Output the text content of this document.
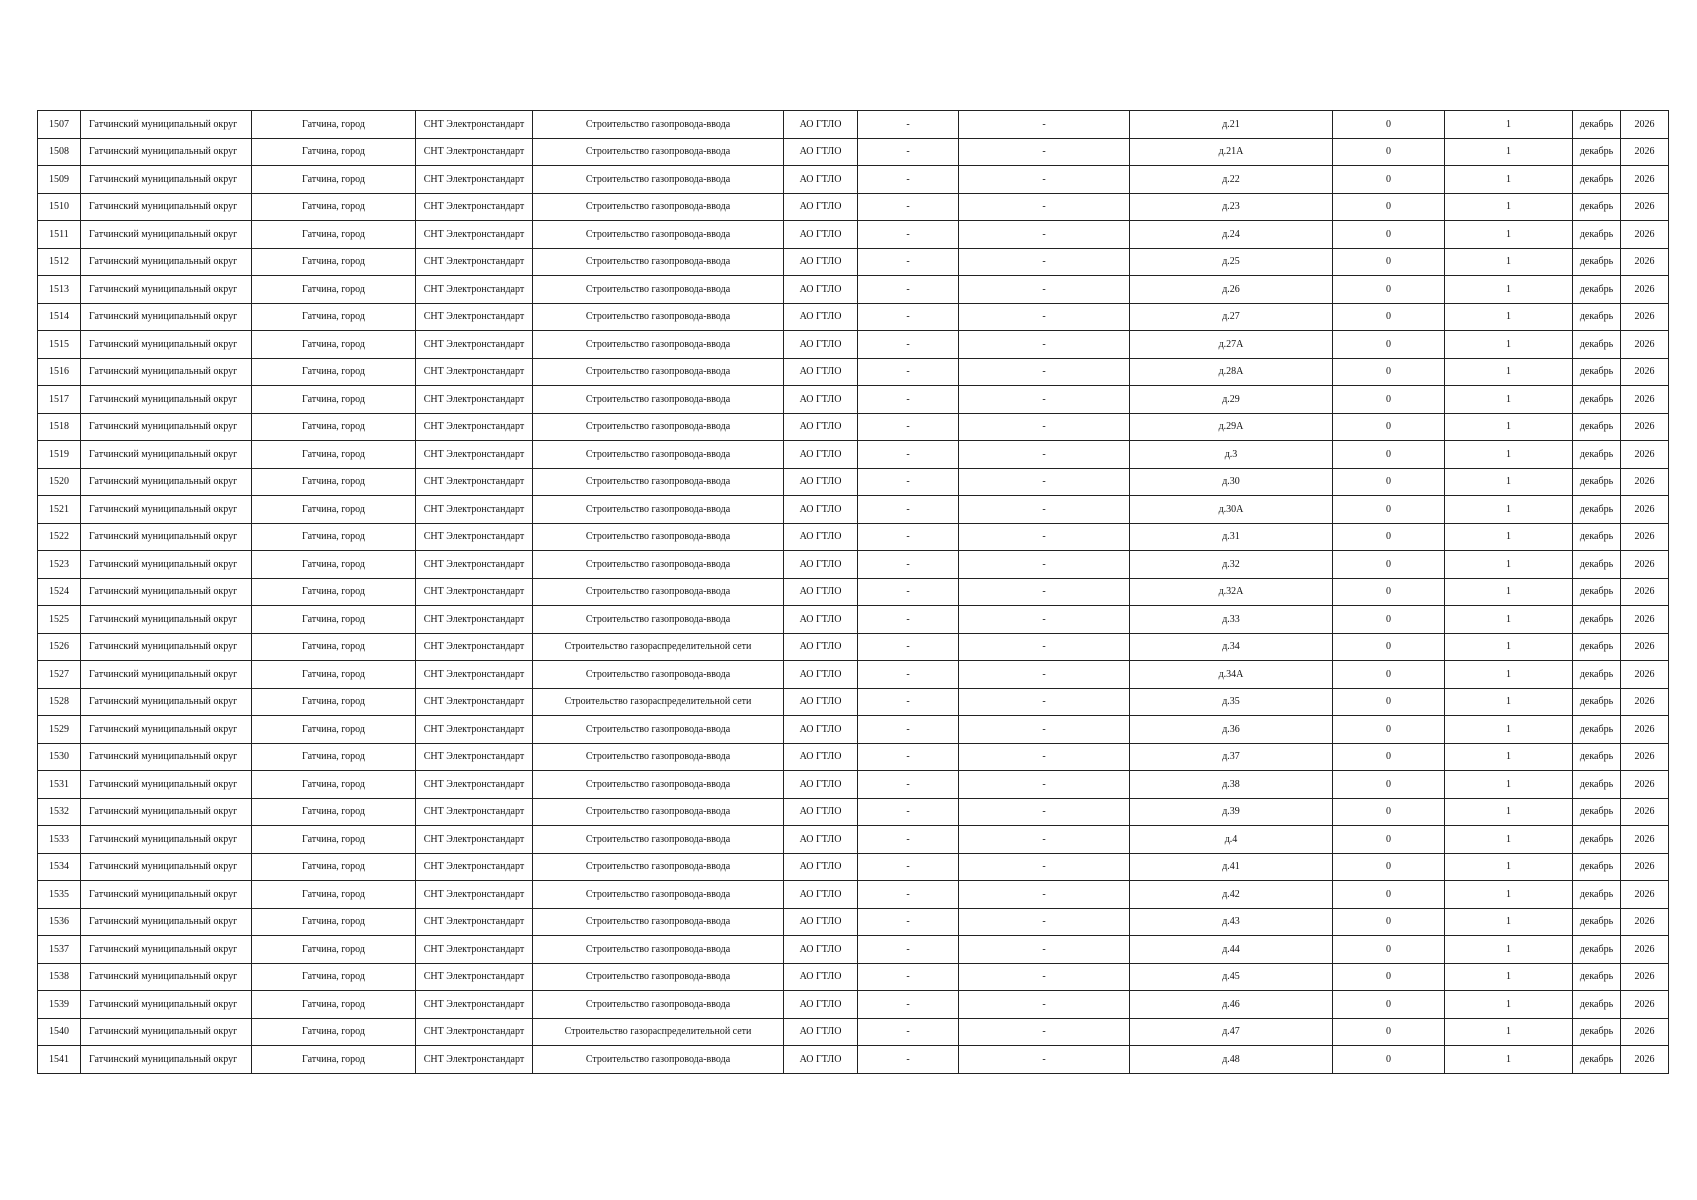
1507	Гатчинский муниципальный округ	Гатчина, город	СНТ Электронстандарт	Строительство газопровода-ввода	АО ГТЛО	-	-	д.21	0	1	декабрь	2026
1508	Гатчинский муниципальный округ	Гатчина, город	СНТ Электронстандарт	Строительство газопровода-ввода	АО ГТЛО	-	-	д.21А	0	1	декабрь	2026
1509	Гатчинский муниципальный округ	Гатчина, город	СНТ Электронстандарт	Строительство газопровода-ввода	АО ГТЛО	-	-	д.22	0	1	декабрь	2026
1510	Гатчинский муниципальный округ	Гатчина, город	СНТ Электронстандарт	Строительство газопровода-ввода	АО ГТЛО	-	-	д.23	0	1	декабрь	2026
1511	Гатчинский муниципальный округ	Гатчина, город	СНТ Электронстандарт	Строительство газопровода-ввода	АО ГТЛО	-	-	д.24	0	1	декабрь	2026
1512	Гатчинский муниципальный округ	Гатчина, город	СНТ Электронстандарт	Строительство газопровода-ввода	АО ГТЛО	-	-	д.25	0	1	декабрь	2026
1513	Гатчинский муниципальный округ	Гатчина, город	СНТ Электронстандарт	Строительство газопровода-ввода	АО ГТЛО	-	-	д.26	0	1	декабрь	2026
1514	Гатчинский муниципальный округ	Гатчина, город	СНТ Электронстандарт	Строительство газопровода-ввода	АО ГТЛО	-	-	д.27	0	1	декабрь	2026
1515	Гатчинский муниципальный округ	Гатчина, город	СНТ Электронстандарт	Строительство газопровода-ввода	АО ГТЛО	-	-	д.27А	0	1	декабрь	2026
1516	Гатчинский муниципальный округ	Гатчина, город	СНТ Электронстандарт	Строительство газопровода-ввода	АО ГТЛО	-	-	д.28А	0	1	декабрь	2026
1517	Гатчинский муниципальный округ	Гатчина, город	СНТ Электронстандарт	Строительство газопровода-ввода	АО ГТЛО	-	-	д.29	0	1	декабрь	2026
1518	Гатчинский муниципальный округ	Гатчина, город	СНТ Электронстандарт	Строительство газопровода-ввода	АО ГТЛО	-	-	д.29А	0	1	декабрь	2026
1519	Гатчинский муниципальный округ	Гатчина, город	СНТ Электронстандарт	Строительство газопровода-ввода	АО ГТЛО	-	-	д.3	0	1	декабрь	2026
1520	Гатчинский муниципальный округ	Гатчина, город	СНТ Электронстандарт	Строительство газопровода-ввода	АО ГТЛО	-	-	д.30	0	1	декабрь	2026
1521	Гатчинский муниципальный округ	Гатчина, город	СНТ Электронстандарт	Строительство газопровода-ввода	АО ГТЛО	-	-	д.30А	0	1	декабрь	2026
1522	Гатчинский муниципальный округ	Гатчина, город	СНТ Электронстандарт	Строительство газопровода-ввода	АО ГТЛО	-	-	д.31	0	1	декабрь	2026
1523	Гатчинский муниципальный округ	Гатчина, город	СНТ Электронстандарт	Строительство газопровода-ввода	АО ГТЛО	-	-	д.32	0	1	декабрь	2026
1524	Гатчинский муниципальный округ	Гатчина, город	СНТ Электронстандарт	Строительство газопровода-ввода	АО ГТЛО	-	-	д.32А	0	1	декабрь	2026
1525	Гатчинский муниципальный округ	Гатчина, город	СНТ Электронстандарт	Строительство газопровода-ввода	АО ГТЛО	-	-	д.33	0	1	декабрь	2026
1526	Гатчинский муниципальный округ	Гатчина, город	СНТ Электронстандарт	Строительство газораспределительной сети	АО ГТЛО	-	-	д.34	0	1	декабрь	2026
1527	Гатчинский муниципальный округ	Гатчина, город	СНТ Электронстандарт	Строительство газопровода-ввода	АО ГТЛО	-	-	д.34А	0	1	декабрь	2026
1528	Гатчинский муниципальный округ	Гатчина, город	СНТ Электронстандарт	Строительство газораспределительной сети	АО ГТЛО	-	-	д.35	0	1	декабрь	2026
1529	Гатчинский муниципальный округ	Гатчина, город	СНТ Электронстандарт	Строительство газопровода-ввода	АО ГТЛО	-	-	д.36	0	1	декабрь	2026
1530	Гатчинский муниципальный округ	Гатчина, город	СНТ Электронстандарт	Строительство газопровода-ввода	АО ГТЛО	-	-	д.37	0	1	декабрь	2026
1531	Гатчинский муниципальный округ	Гатчина, город	СНТ Электронстандарт	Строительство газопровода-ввода	АО ГТЛО	-	-	д.38	0	1	декабрь	2026
1532	Гатчинский муниципальный округ	Гатчина, город	СНТ Электронстандарт	Строительство газопровода-ввода	АО ГТЛО	-	-	д.39	0	1	декабрь	2026
1533	Гатчинский муниципальный округ	Гатчина, город	СНТ Электронстандарт	Строительство газопровода-ввода	АО ГТЛО	-	-	д.4	0	1	декабрь	2026
1534	Гатчинский муниципальный округ	Гатчина, город	СНТ Электронстандарт	Строительство газопровода-ввода	АО ГТЛО	-	-	д.41	0	1	декабрь	2026
1535	Гатчинский муниципальный округ	Гатчина, город	СНТ Электронстандарт	Строительство газопровода-ввода	АО ГТЛО	-	-	д.42	0	1	декабрь	2026
1536	Гатчинский муниципальный округ	Гатчина, город	СНТ Электронстандарт	Строительство газопровода-ввода	АО ГТЛО	-	-	д.43	0	1	декабрь	2026
1537	Гатчинский муниципальный округ	Гатчина, город	СНТ Электронстандарт	Строительство газопровода-ввода	АО ГТЛО	-	-	д.44	0	1	декабрь	2026
1538	Гатчинский муниципальный округ	Гатчина, город	СНТ Электронстандарт	Строительство газопровода-ввода	АО ГТЛО	-	-	д.45	0	1	декабрь	2026
1539	Гатчинский муниципальный округ	Гатчина, город	СНТ Электронстандарт	Строительство газопровода-ввода	АО ГТЛО	-	-	д.46	0	1	декабрь	2026
1540	Гатчинский муниципальный округ	Гатчина, город	СНТ Электронстандарт	Строительство газораспределительной сети	АО ГТЛО	-	-	д.47	0	1	декабрь	2026
1541	Гатчинский муниципальный округ	Гатчина, город	СНТ Электронстандарт	Строительство газопровода-ввода	АО ГТЛО	-	-	д.48	0	1	декабрь	2026
